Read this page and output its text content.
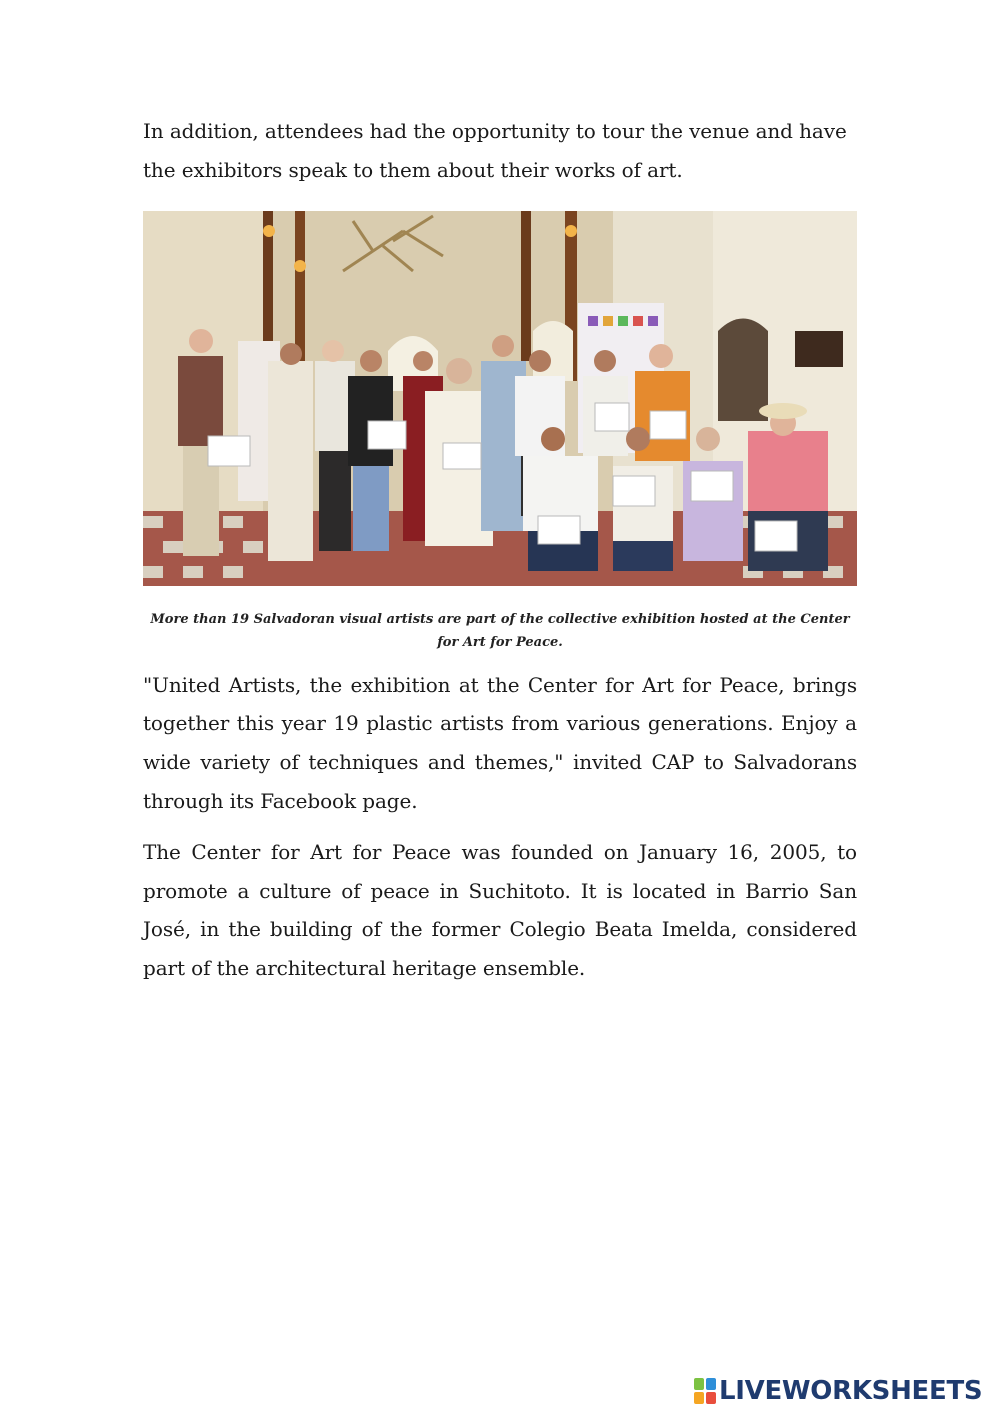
In addition, attendees had the opportunity to tour the venue and have the exhibitors speak to them about their works of art.

More than 19 Salvadoran visual artists are part of the collective exhibition hosted at the Center for Art for Peace.

"United Artists, the exhibition at the Center for Art for Peace, brings together this year 19 plastic artists from various generations. Enjoy a wide variety of techniques and themes," invited CAP to Salvadorans through its Facebook page.

The Center for Art for Peace was founded on January 16, 2005, to promote a culture of peace in Suchitoto. It is located in Barrio San José, in the building of the former Colegio Beata Imelda, considered part of the architectural heritage ensemble.

LIVEWORKSHEETS
